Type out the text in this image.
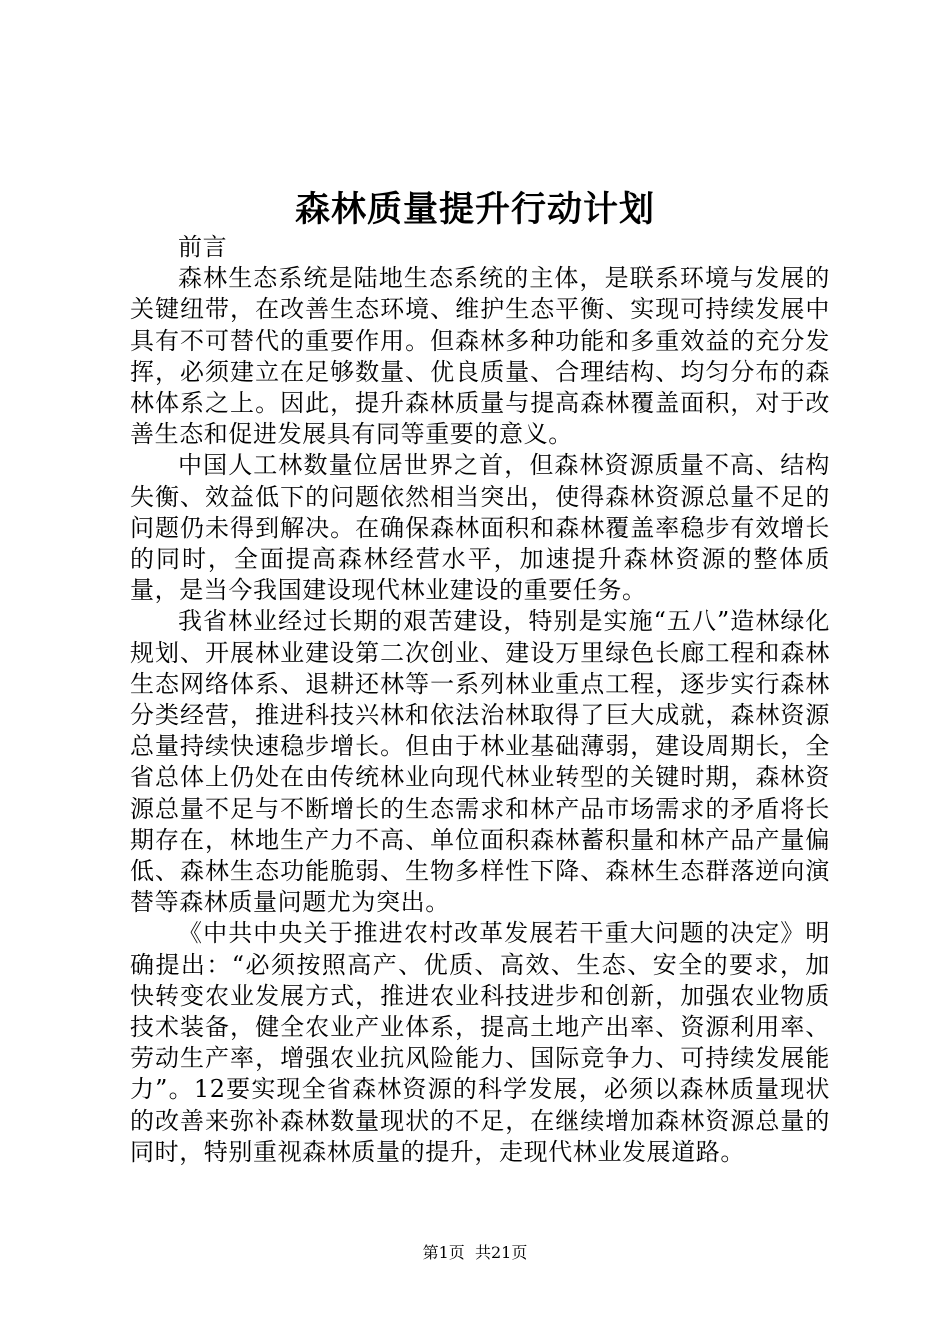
森林质量提升行动计划

前言

森林生态系统是陆地生态系统的主体，是联系环境与发展的关键纽带，在改善生态环境、维护生态平衡、实现可持续发展中具有不可替代的重要作用。但森林多种功能和多重效益的充分发挥，必须建立在足够数量、优良质量、合理结构、均匀分布的森林体系之上。因此，提升森林质量与提高森林覆盖面积，对于改善生态和促进发展具有同等重要的意义。

中国人工林数量位居世界之首，但森林资源质量不高、结构失衡、效益低下的问题依然相当突出，使得森林资源总量不足的问题仍未得到解决。在确保森林面积和森林覆盖率稳步有效增长的同时，全面提高森林经营水平，加速提升森林资源的整体质量，是当今我国建设现代林业建设的重要任务。

我省林业经过长期的艰苦建设，特别是实施“五八”造林绿化规划、开展林业建设第二次创业、建设万里绿色长廊工程和森林生态网络体系、退耕还林等一系列林业重点工程，逐步实行森林分类经营，推进科技兴林和依法治林取得了巨大成就，森林资源总量持续快速稳步增长。但由于林业基础薄弱，建设周期长，全省总体上仍处在由传统林业向现代林业转型的关键时期，森林资源总量不足与不断增长的生态需求和林产品市场需求的矛盾将长期存在，林地生产力不高、单位面积森林蓄积量和林产品产量偏低、森林生态功能脆弱、生物多样性下降、森林生态群落逆向演替等森林质量问题尤为突出。

《中共中央关于推进农村改革发展若干重大问题的决定》明确提出：“必须按照高产、优质、高效、生态、安全的要求，加快转变农业发展方式，推进农业科技进步和创新，加强农业物质技术装备，健全农业产业体系，提高土地产出率、资源利用率、劳动生产率，增强农业抗风险能力、国际竞争力、可持续发展能力”。12要实现全省森林资源的科学发展，必须以森林质量现状的改善来弥补森林数量现状的不足，在继续增加森林资源总量的同时，特别重视森林质量的提升，走现代林业发展道路。

第1页 共21页
